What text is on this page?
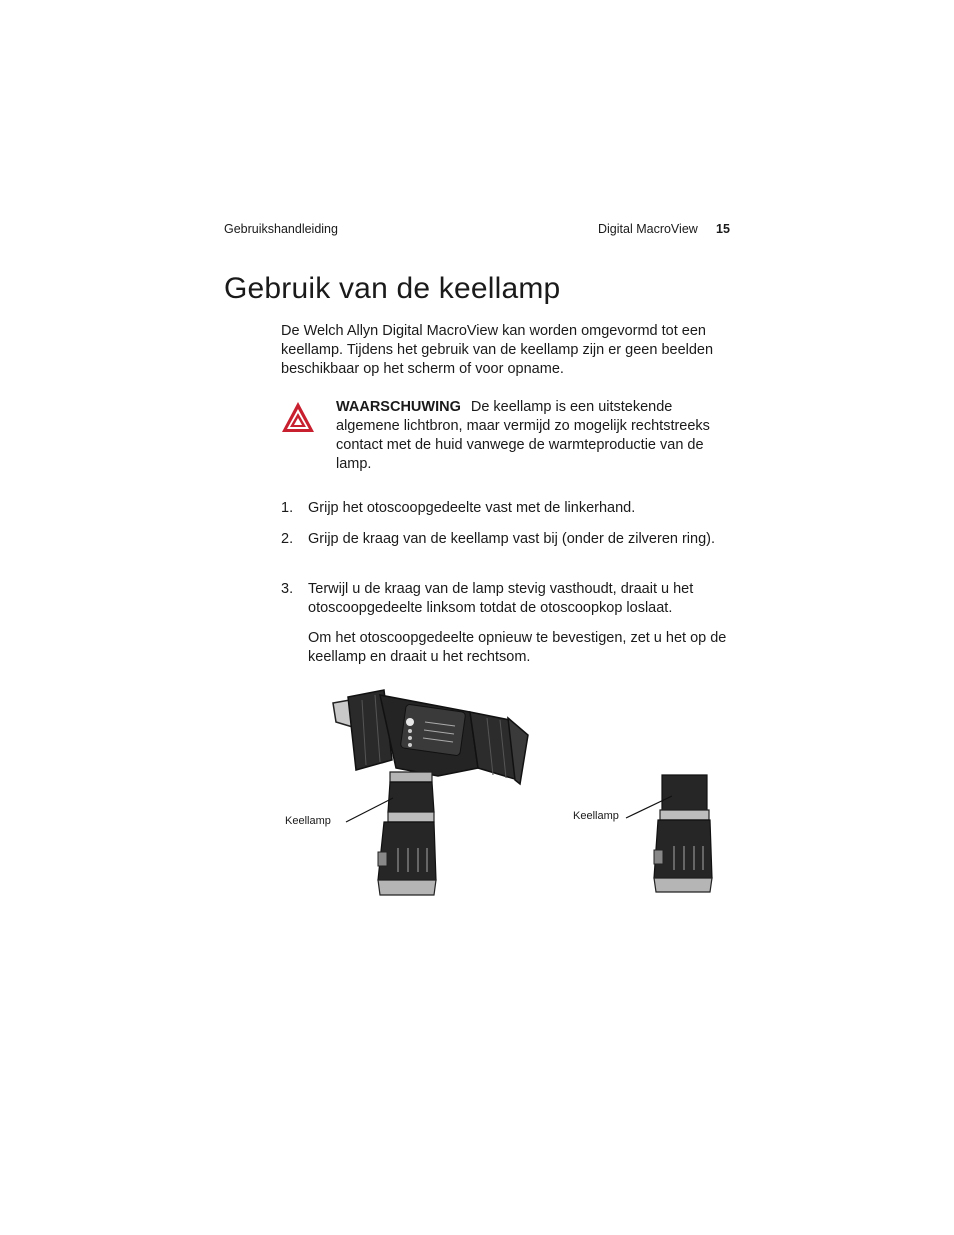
Gebruikshandleiding	Digital MacroView 15
Gebruik van de keellamp

De Welch Allyn Digital MacroView kan worden omgevormd tot een keellamp. Tijdens het gebruik van de keellamp zijn er geen beelden beschikbaar op het scherm of voor opname.

WAARSCHUWING De keellamp is een uitstekende algemene lichtbron, maar vermijd zo mogelijk rechtstreeks contact met de huid vanwege de warmteproductie van de lamp.

1. Grijp het otoscoopgedeelte vast met de linkerhand.
2. Grijp de kraag van de keellamp vast bij (onder de zilveren ring).
3. Terwijl u de kraag van de lamp stevig vasthoudt, draait u het otoscoopgedeelte linksom totdat de otoscoopkop loslaat.

Om het otoscoopgedeelte opnieuw te bevestigen, zet u het op de keellamp en draait u het rechtsom.

Keellamp	Keellamp
